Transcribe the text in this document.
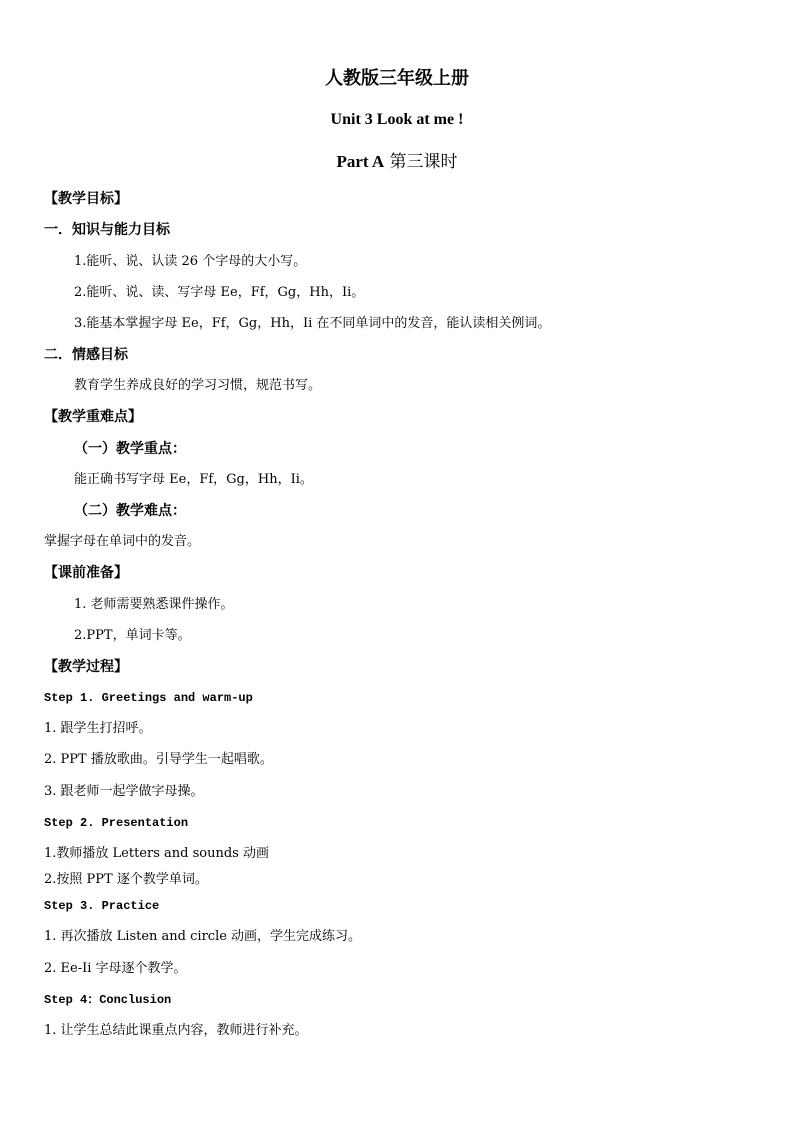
人教版三年级上册
Unit 3 Look at me !
Part A 第三课时
【教学目标】
一．知识与能力目标
1.能听、说、认读 26 个字母的大小写。
2.能听、说、读、写字母 Ee，Ff，Gg，Hh，Ii。
3.能基本掌握字母 Ee，Ff，Gg，Hh，Ii 在不同单词中的发音，能认读相关例词。
二．情感目标
教育学生养成良好的学习习惯，规范书写。
【教学重难点】
（一）教学重点：
能正确书写字母 Ee，Ff，Gg，Hh，Ii。
（二）教学难点：
掌握字母在单词中的发音。
【课前准备】
1. 老师需要熟悉课件操作。
2.PPT，单词卡等。
【教学过程】
Step 1. Greetings and warm-up
1. 跟学生打招呼。
2. PPT 播放歌曲。引导学生一起唱歌。
3. 跟老师一起学做字母操。
Step 2. Presentation
1.教师播放 Letters and sounds 动画
2.按照 PPT 逐个教学单词。
Step 3. Practice
1. 再次播放 Listen and circle 动画，学生完成练习。
2. Ee-Ii 字母逐个教学。
Step 4：Conclusion
1. 让学生总结此课重点内容，教师进行补充。
